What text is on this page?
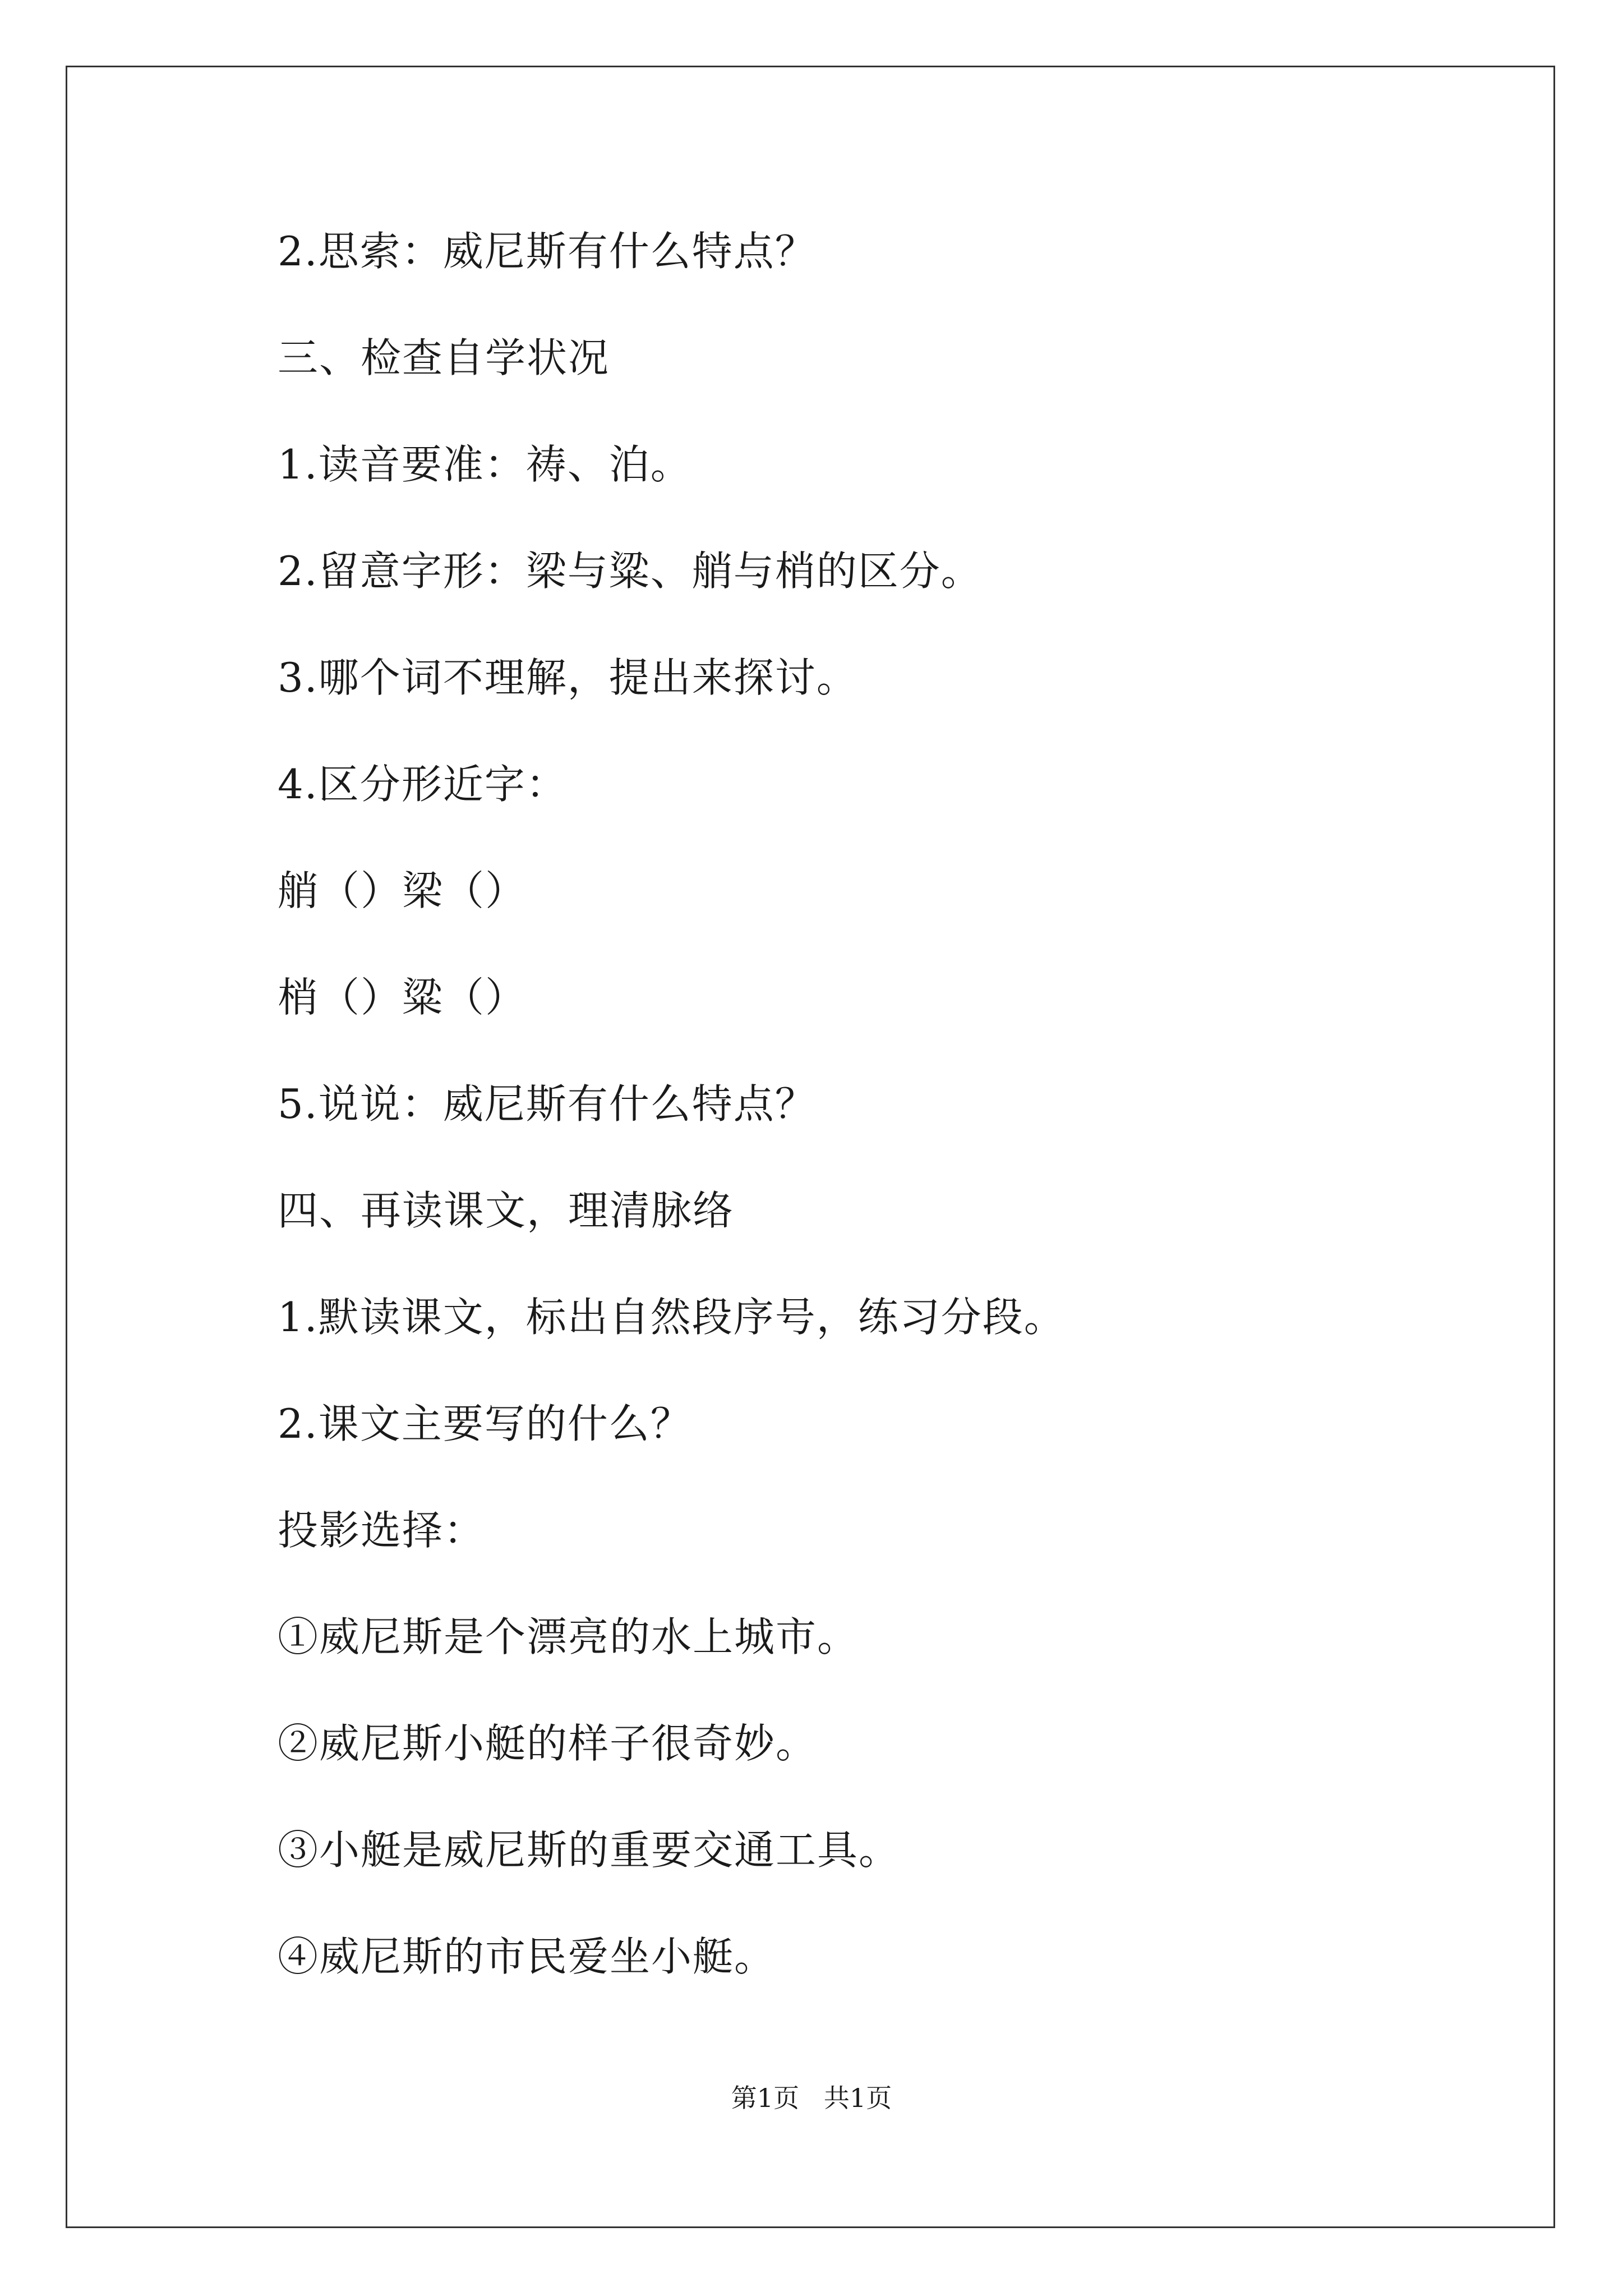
2.思索：威尼斯有什么特点？
三、检查自学状况
1.读音要准：祷、泊。
2.留意字形：梁与粱、艄与梢的区分。
3.哪个词不理解，提出来探讨。
4.区分形近字：
艄（）梁（）
梢（）粱（）
5.说说：威尼斯有什么特点？
四、再读课文，理清脉络
1.默读课文，标出自然段序号，练习分段。
2.课文主要写的什么？
投影选择：
①威尼斯是个漂亮的水上城市。
②威尼斯小艇的样子很奇妙。
③小艇是威尼斯的重要交通工具。
④威尼斯的市民爱坐小艇。
第1页   共1页
